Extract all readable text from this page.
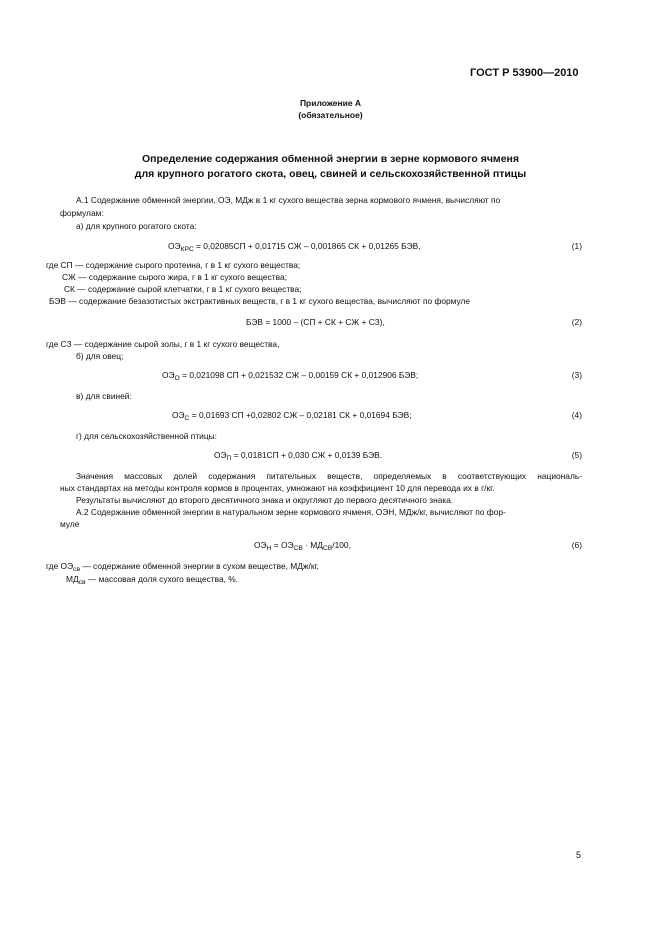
ГОСТ Р 53900—2010
Приложение А
(обязательное)
Определение содержания обменной энергии в зерне кормового ячменя
для крупного рогатого скота, овец, свиней и сельскохозяйственной птицы
А.1 Содержание обменной энергии, ОЭ, МДж в 1 кг сухого вещества зерна кормового ячменя, вычисляют по
формулам:
а) для крупного рогатого скота:
$ОЭ_{КРС} = 0,02085СП + 0,01715$ СЖ – 0,001865 СК + 0,01265 БЭВ,	(1)
где СП — содержание сырого протеина, г в 1 кг сухого вещества;
СЖ — содержание сырого жира, г в 1 кг сухого вещества;
СК — содержание сырой клетчатки, г в 1 кг сухого вещества;
БЭВ — содержание безазотистых экстрактивных веществ, г в 1 кг сухого вещества, вычисляют по формуле
БЭВ = 1000 – (СП + СК + СЖ + СЗ),	(2)
где СЗ — содержание сырой золы, г в 1 кг сухого вещества,
б) для овец;
$ОЭ_О = 0,021098$ СП + 0,021532 СЖ – 0,00159 СК + 0,012906 БЭВ;	(3)
в) для свиней:
$ОЭ_С = 0,01693$ СП +0,02802 СЖ – 0,02181 СК + 0,01694 БЭВ;	(4)
г) для сельскохозяйственной птицы:
$ОЭ_П = 0,0181СП + 0,030$ СЖ + 0,0139 БЭВ.	(5)
Значения массовых долей содержания питательных веществ, определяемых в соответствующих националь-
ных стандартах на методы контроля кормов в процентах, умножают на коэффициент 10 для перевода их в г/кг.
Результаты вычисляют до второго десятичного знака и округляют до первого десятичного знака.
А.2 Содержание обменной энергии в натуральном зерне кормового ячменя, ОЭН, МДж/кг, вычисляют по фор-
муле
$ОЭ_Н = ОЭ_{СВ} \cdot МД_{СВ}/100$,	(6)
где $ОЭ_{св}$ — содержание обменной энергии в сухом веществе, МДж/кг,
$МД_{св}$ — массовая доля сухого вещества, %.
5
